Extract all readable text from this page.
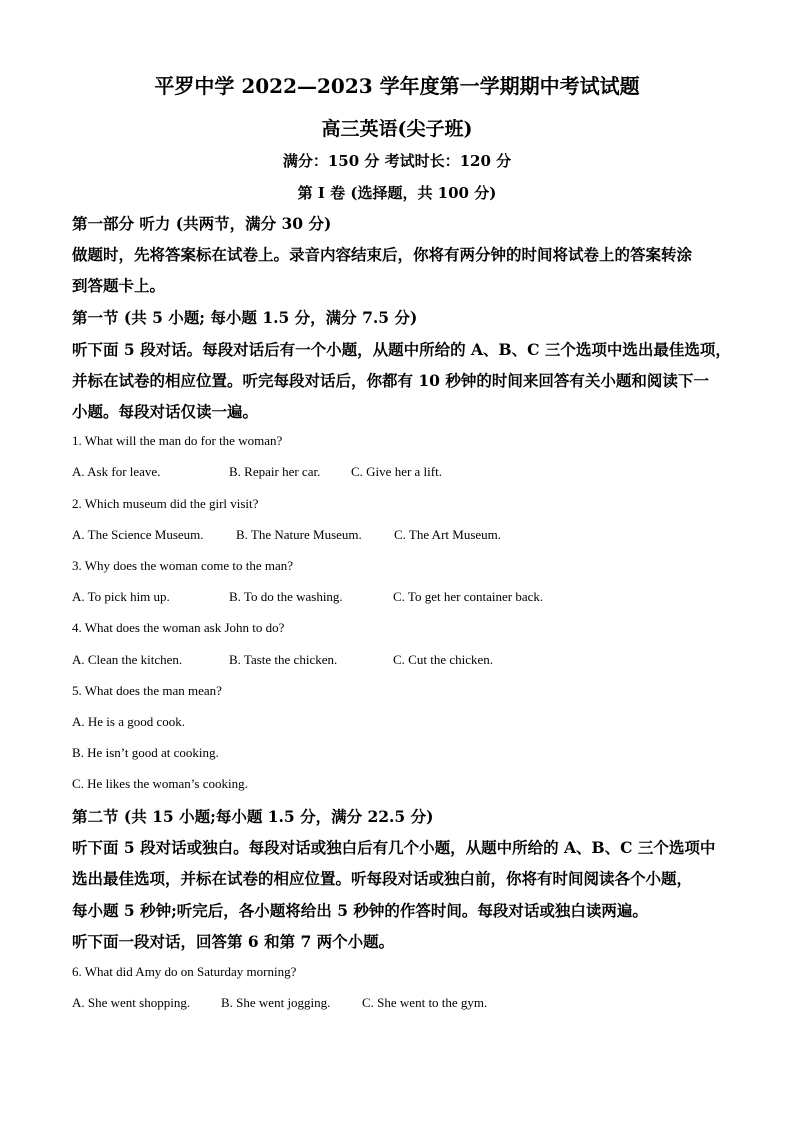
平罗中学 2022—2023 学年度第一学期期中考试试题
高三英语(尖子班)
满分：150 分 考试时长：120 分
第 I 卷 (选择题，共 100 分)
第一部分 听力 (共两节，满分 30 分)
做题时，先将答案标在试卷上。录音内容结束后，你将有两分钟的时间将试卷上的答案转涂
到答题卡上。
第一节 (共 5 小题; 每小题 1.5 分，满分 7.5 分)
听下面 5 段对话。每段对话后有一个小题，从题中所给的 A、B、C 三个选项中选出最佳选项，
并标在试卷的相应位置。听完每段对话后，你都有 10 秒钟的时间来回答有关小题和阅读下一
小题。每段对话仅读一遍。
1. What will the man do for the woman?
A. Ask for leave.	B. Repair her car. C. Give her a lift.
2. Which museum did the girl visit?
A. The Science Museum. B. The Nature Museum. C. The Art Museum.
3. Why does the woman come to the man?
A. To pick him up.	B. To do the washing.	C. To get her container back.
4. What does the woman ask John to do?
A. Clean the kitchen.	B. Taste the chicken.	C. Cut the chicken.
5. What does the man mean?
A. He is a good cook.
B. He isn’t good at cooking.
C. He likes the woman’s cooking.
第二节 (共 15 小题;每小题 1.5 分，满分 22.5 分)
听下面 5 段对话或独白。每段对话或独白后有几个小题，从题中所给的 A、B、C 三个选项中
选出最佳选项，并标在试卷的相应位置。听每段对话或独白前，你将有时间阅读各个小题，
每小题 5 秒钟;听完后，各小题将给出 5 秒钟的作答时间。每段对话或独白读两遍。
听下面一段对话，回答第 6 和第 7 两个小题。
6. What did Amy do on Saturday morning?
A. She went shopping. B. She went jogging. C. She went to the gym.
